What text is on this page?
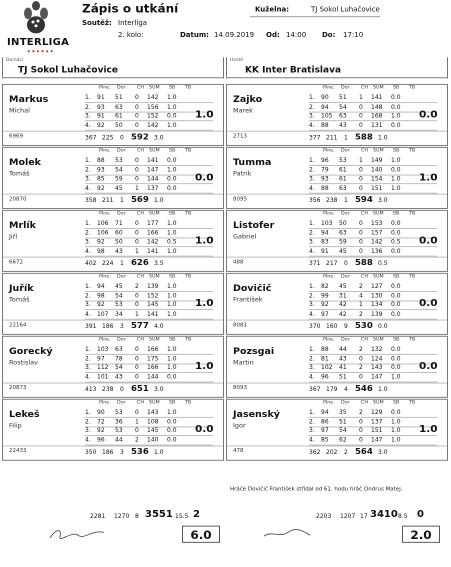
INTERLIGA
★★★★★★
Zápis o utkání
Soutěž: Interliga
2. kolo:	Datum: 14.09.2019 Od: 14:00 Do: 17:10
Kuželna:	TJ Sokol Luhačovice
Domácí
TJ Sokol Luhačovice
Hosté
KK Inter Bratislava
Markus
Michal
6969
Plne. Dor CH SUM SB TB
1. 91 51 0 142 1.0
2. 93 63 0 156 1.0
3. 91 61 0 152 0.0
4. 92 50 0 142 1.0
367 225 0 592 3.0
1.0
Molek
Tomáš
20870
Plne. Dor CH SUM SB TB
1. 88 53 0 141 0.0
2. 93 54 0 147 1.0
3. 85 59 0 144 0.0
4. 92 45 1 137 0.0
358 211 1 569 1.0
0.0
Mrlík
Jiří
6672
Plne. Dor CH SUM SB TB
1. 106 71 0 177 1.0
2. 106 60 0 166 1.0
3. 92 50 0 142 0.5
4. 98 43 1 141 1.0
402 224 1 626 3.5
1.0
Juřík
Tomáš
22164
Plne. Dor CH SUM SB TB
1. 94 45 2 139 1.0
2. 98 54 0 152 1.0
3. 92 53 0 145 1.0
4. 107 34 1 141 1.0
391 186 3 577 4.0
1.0
Gorecký
Rostislav
20873
Plne. Dor CH SUM SB TB
1. 103 63 0 166 1.0
2. 97 78 0 175 1.0
3. 112 54 0 166 1.0
4. 101 43 0 144 0.0
413 238 0 651 3.0
1.0
Lekeš
Filip
22433
Plne. Dor CH SUM SB TB
1. 90 53 0 143 1.0
2. 72 36 1 108 0.0
3. 92 53 0 145 0.0
4. 96 44 2 140 0.0
350 186 3 536 1.0
0.0
Zajko
Marek
2713
Plne. Dor CH SUM SB TB
1. 90 51 1 141 0.0
2. 94 54 0 148 0.0
3. 105 63 0 168 1.0
4. 88 43 0 131 0.0
377 211 1 588 1.0
0.0
Tumma
Patrik
8095
Plne. Dor CH SUM SB TB
1. 96 53 1 149 1.0
2. 79 61 0 140 0.0
3. 93 61 0 154 1.0
4. 88 63 0 151 1.0
356 238 1 594 3.0
1.0
Listofer
Gabriel
488
Plne. Dor CH SUM SB TB
1. 103 50 0 153 0.0
2. 94 63 0 157 0.0
3. 83 59 0 142 0.5
4. 91 45 0 136 0.0
371 217 0 588 0.5
0.0
Dovičič
František
8081
Plne. Dor CH SUM SB TB
1. 82 45 2 127 0.0
2. 99 31 4 130 0.0
3. 92 42 1 134 0.0
4. 97 42 2 139 0.0
370 160 9 530 0.0
0.0
Pozsgai
Martin
8093
Plne. Dor CH SUM SB TB
1. 88 44 2 132 0.0
2. 81 43 0 124 0.0
3. 102 41 2 143 0.0
4. 96 51 0 147 1.0
367 179 4 546 1.0
0.0
Jasenský
Igor
478
Plne. Dor CH SUM SB TB
1. 94 35 2 129 0.0
2. 86 51 0 137 1.0
3. 97 54 0 151 1.0
4. 85 62 0 147 1.0
362 202 2 564 3.0
1.0
Hráče Dovičič František střídal od 61. hodu hráč Ondrus Matej.
2281 1270 8 3551 15.5 2	2203 1207 17 3410 8.5 0
6.0	2.0
